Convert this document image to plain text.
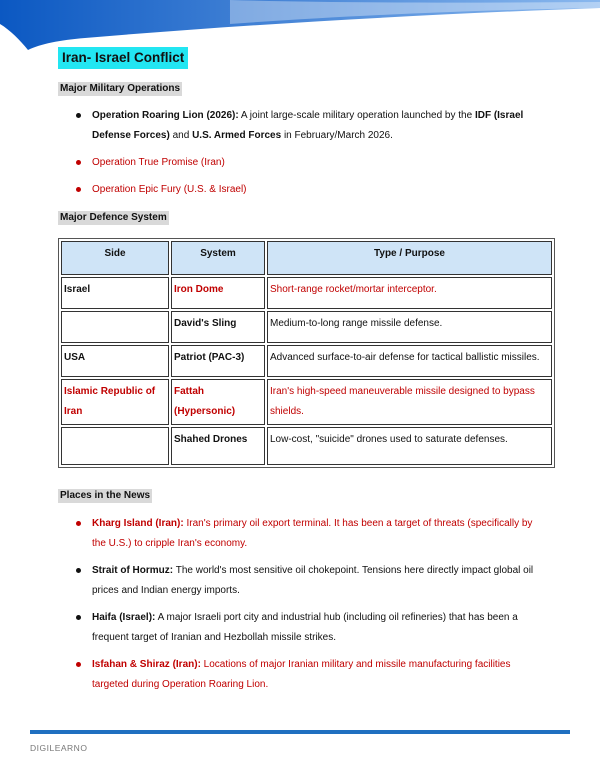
Iran- Israel Conflict
Major Military Operations
Operation Roaring Lion (2026): A joint large-scale military operation launched by the IDF (Israel Defense Forces) and U.S. Armed Forces in February/March 2026.
Operation True Promise (Iran)
Operation Epic Fury (U.S. & Israel)
Major Defence System
Side	System	Type / Purpose
Israel	Iron Dome	Short-range rocket/mortar interceptor.
	David's Sling	Medium-to-long range missile defense.
USA	Patriot (PAC-3)	Advanced surface-to-air defense for tactical ballistic missiles.
Islamic Republic of Iran	Fattah (Hypersonic)	Iran's high-speed maneuverable missile designed to bypass shields.
	Shahed Drones	Low-cost, "suicide" drones used to saturate defenses.
Places in the News
Kharg Island (Iran): Iran's primary oil export terminal. It has been a target of threats (specifically by the U.S.) to cripple Iran's economy.
Strait of Hormuz: The world's most sensitive oil chokepoint. Tensions here directly impact global oil prices and Indian energy imports.
Haifa (Israel): A major Israeli port city and industrial hub (including oil refineries) that has been a frequent target of Iranian and Hezbollah missile strikes.
Isfahan & Shiraz (Iran): Locations of major Iranian military and missile manufacturing facilities targeted during Operation Roaring Lion.
DIGILEARNO
